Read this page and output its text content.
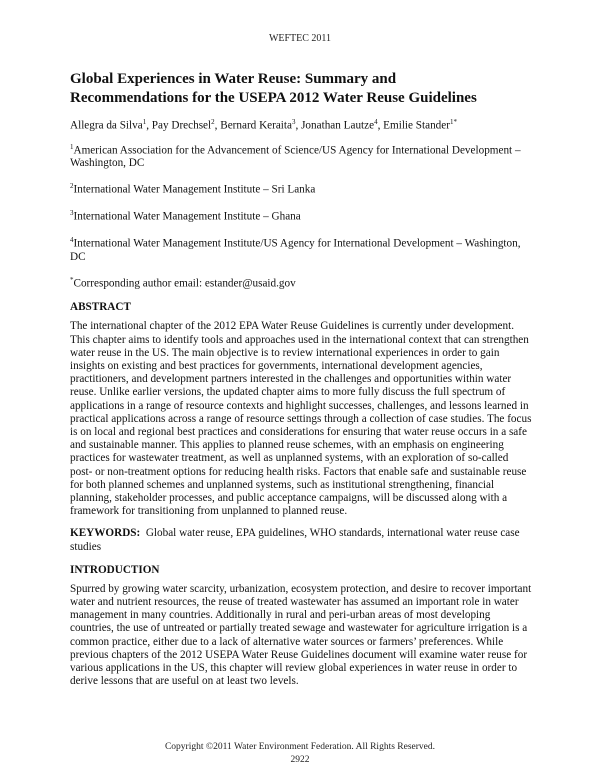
WEFTEC 2011
Global Experiences in Water Reuse: Summary and
Recommendations for the USEPA 2012 Water Reuse Guidelines
Allegra da Silva$^1$, Pay Drechsel$^2$, Bernard Keraita$^3$, Jonathan Lautze$^4$, Emilie Stander$^{1*}$
$^1$American Association for the Advancement of Science/US Agency for International Development – Washington, DC
$^2$International Water Management Institute – Sri Lanka
$^3$International Water Management Institute – Ghana
$^4$International Water Management Institute/US Agency for International Development – Washington, DC
*Corresponding author email: estander@usaid.gov
ABSTRACT
The international chapter of the 2012 EPA Water Reuse Guidelines is currently under development. This chapter aims to identify tools and approaches used in the international context that can strengthen water reuse in the US. The main objective is to review international experiences in order to gain insights on existing and best practices for governments, international development agencies, practitioners, and development partners interested in the challenges and opportunities within water reuse. Unlike earlier versions, the updated chapter aims to more fully discuss the full spectrum of applications in a range of resource contexts and highlight successes, challenges, and lessons learned in practical applications across a range of resource settings through a collection of case studies. The focus is on local and regional best practices and considerations for ensuring that water reuse occurs in a safe and sustainable manner. This applies to planned reuse schemes, with an emphasis on engineering practices for wastewater treatment, as well as unplanned systems, with an exploration of so-called post- or non-treatment options for reducing health risks. Factors that enable safe and sustainable reuse for both planned schemes and unplanned systems, such as institutional strengthening, financial planning, stakeholder processes, and public acceptance campaigns, will be discussed along with a framework for transitioning from unplanned to planned reuse.
KEYWORDS: Global water reuse, EPA guidelines, WHO standards, international water reuse case studies
INTRODUCTION
Spurred by growing water scarcity, urbanization, ecosystem protection, and desire to recover important water and nutrient resources, the reuse of treated wastewater has assumed an important role in water management in many countries. Additionally in rural and peri-urban areas of most developing countries, the use of untreated or partially treated sewage and wastewater for agriculture irrigation is a common practice, either due to a lack of alternative water sources or farmers’ preferences. While previous chapters of the 2012 USEPA Water Reuse Guidelines document will examine water reuse for various applications in the US, this chapter will review global experiences in water reuse in order to derive lessons that are useful on at least two levels.
Copyright ©2011 Water Environment Federation. All Rights Reserved.
2922
